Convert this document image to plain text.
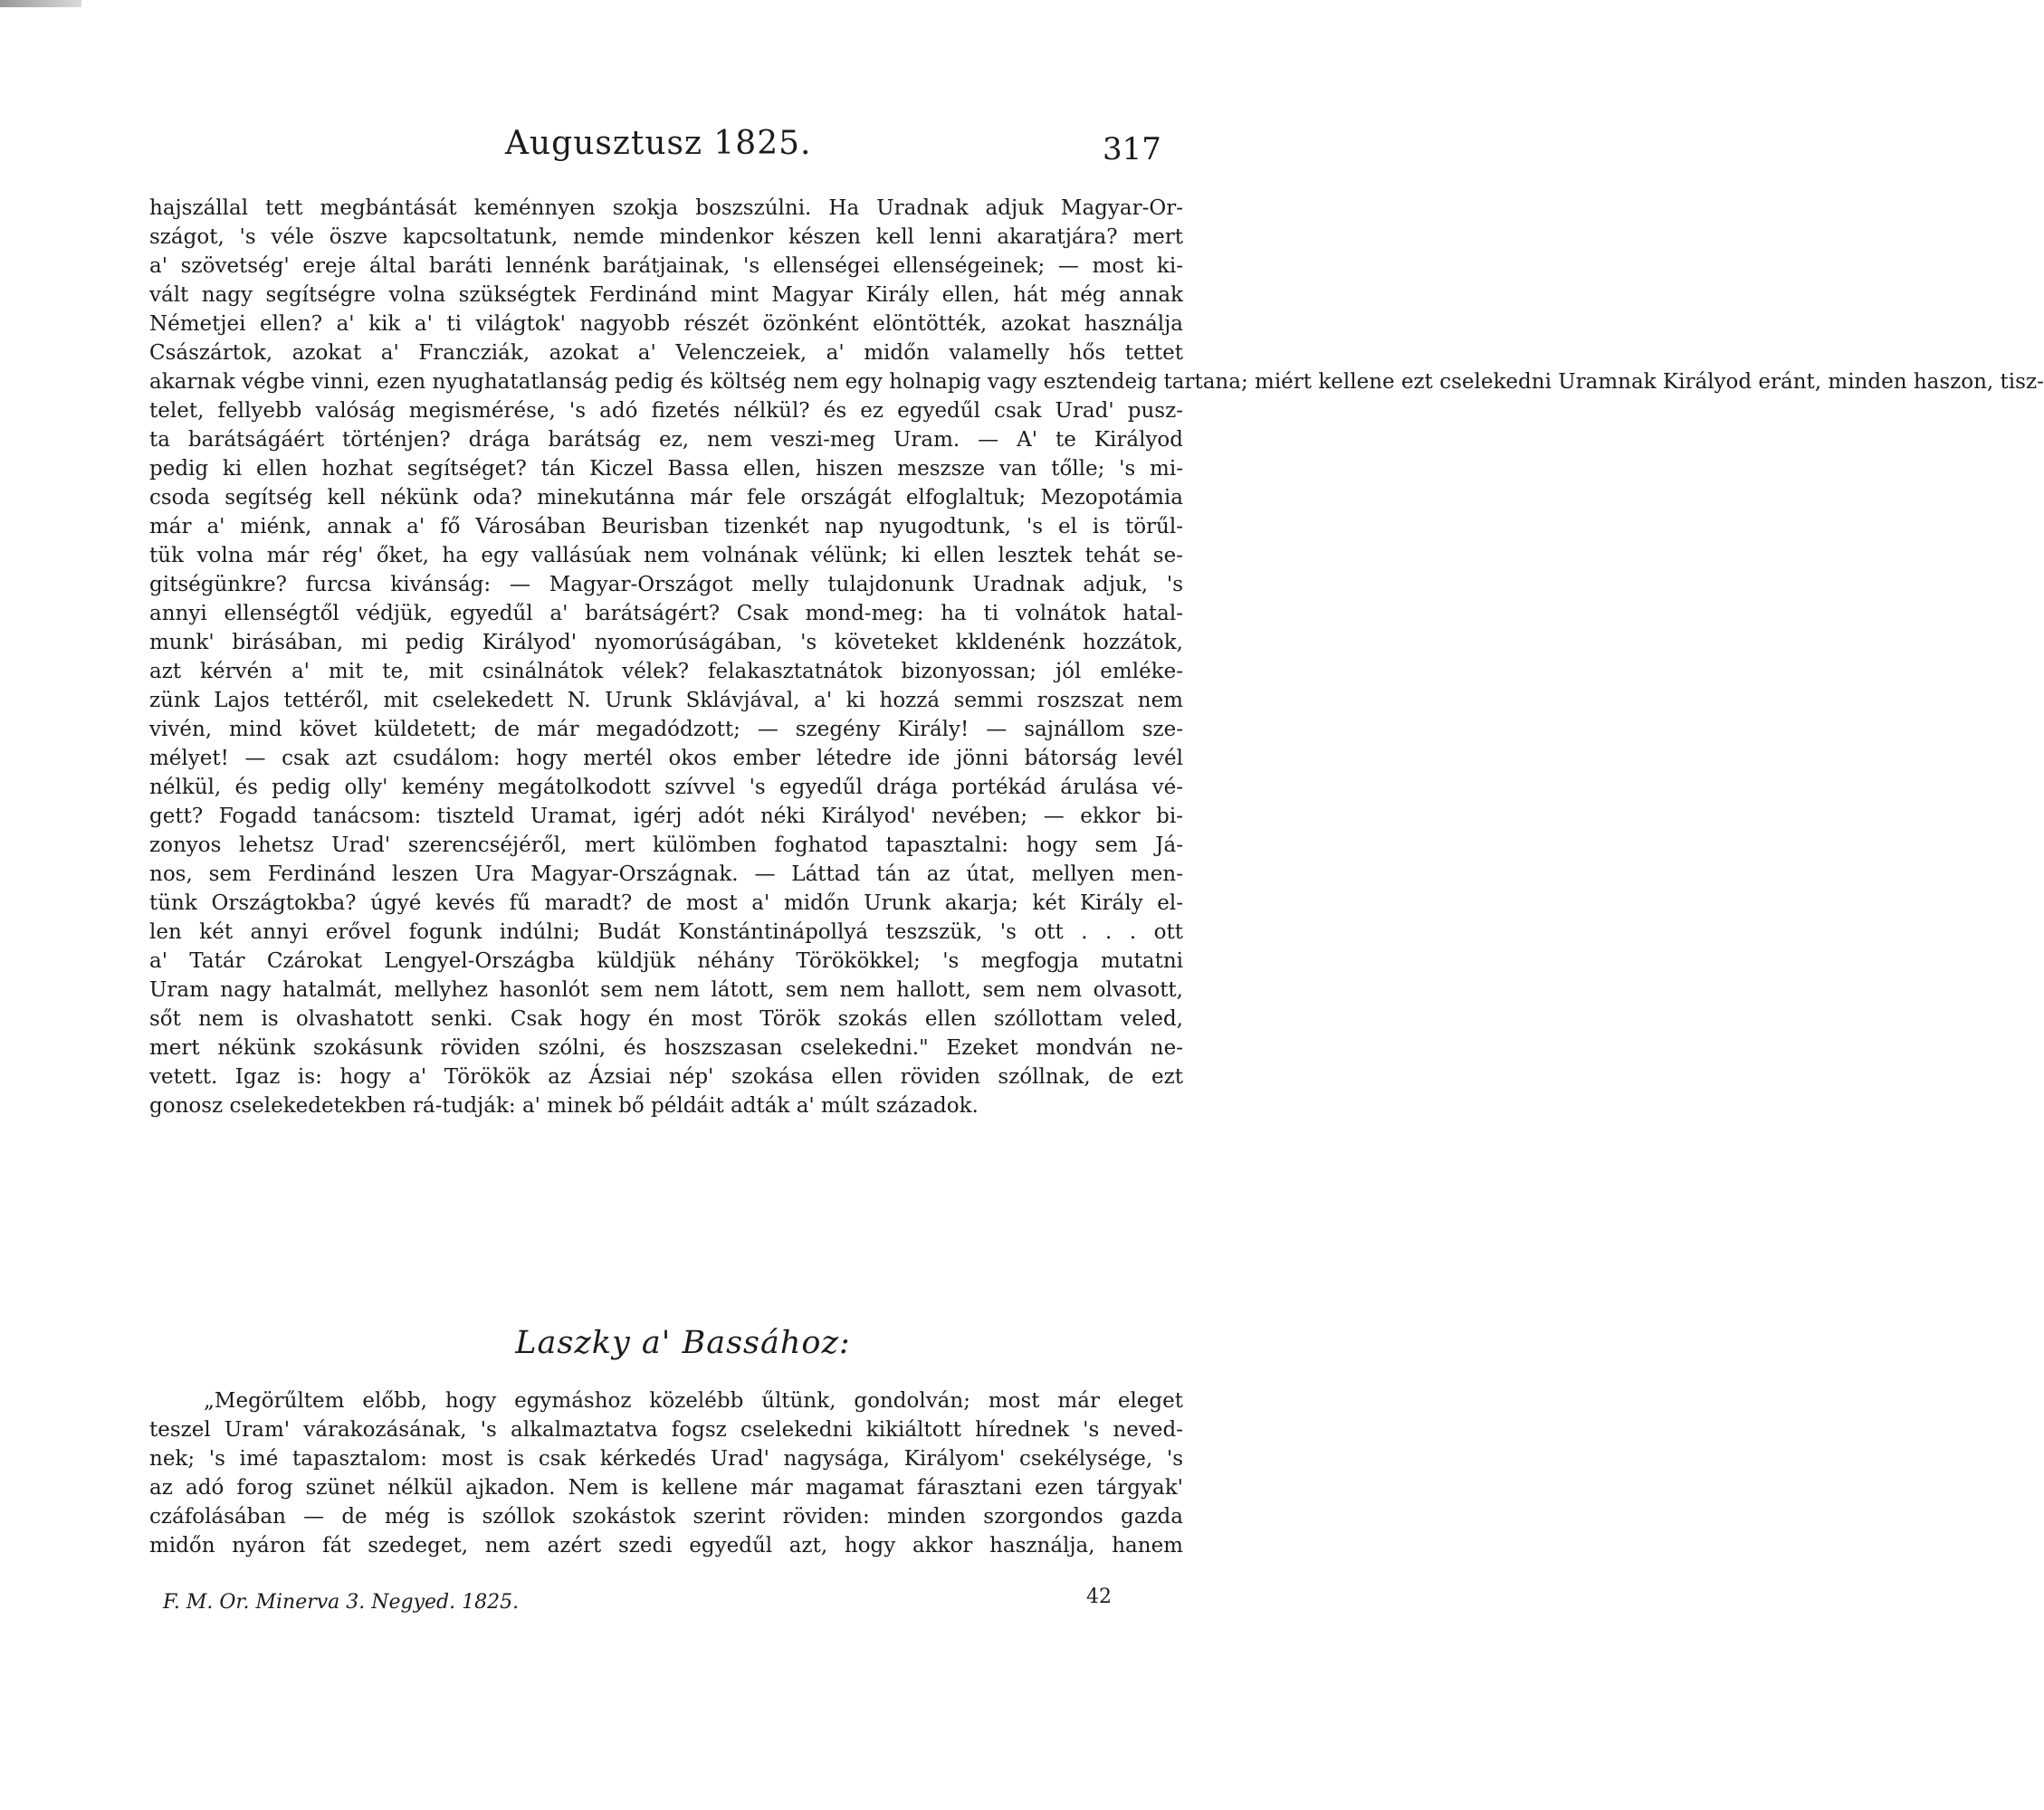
Augusztusz 1825.	317
hajszállal tett megbántását keménnyen szokja boszszúlni. Ha Uradnak adjuk Magyar-Or-
szágot, 's véle öszve kapcsoltatunk, nemde mindenkor készen kell lenni akaratjára? mert
a' szövetség' ereje által baráti lennénk barátjainak, 's ellenségei ellenségeinek; — most ki-
vált nagy segítségre volna szükségtek Ferdinánd mint Magyar Király ellen, hát még annak
Németjei ellen? a' kik a' ti világtok' nagyobb részét özönként elöntötték, azokat használja
Császártok, azokat a' Francziák, azokat a' Velenczeiek, a' midőn valamelly hős tettet
akarnak végbe vinni, ezen nyughatatlanság pedig és költség nem egy holnapig vagy esztendeig tartana; miért kellene ezt cselekedni Uramnak Királyod eránt, minden haszon, tisz-
telet, fellyebb valóság megismérése, 's adó fizetés nélkül? és ez egyedűl csak Urad' pusz-
ta barátságáért történjen? drága barátság ez, nem veszi-meg Uram. — A' te Királyod
pedig ki ellen hozhat segítséget? tán Kiczel Bassa ellen, hiszen meszsze van tőlle; 's mi-
csoda segítség kell nékünk oda? minekutánna már fele országát elfoglaltuk; Mezopotámia
már a' miénk, annak a' fő Városában Beurisban tizenkét nap nyugodtunk, 's el is törűl-
tük volna már rég' őket, ha egy vallásúak nem volnának vélünk; ki ellen lesztek tehát se-
gitségünkre? furcsa kivánság: — Magyar-Országot melly tulajdonunk Uradnak adjuk, 's
annyi ellenségtől védjük, egyedűl a' barátságért? Csak mond-meg: ha ti volnátok hatal-
munk' birásában, mi pedig Királyod' nyomorúságában, 's követeket kkldenénk hozzátok,
azt kérvén a' mit te, mit csinálnátok vélek? felakasztatnátok bizonyossan; jól emléke-
zünk Lajos tettéről, mit cselekedett N. Urunk Sklávjával, a' ki hozzá semmi roszszat nem
vivén, mind követ küldetett; de már megadódzott; — szegény Király! — sajnállom sze-
mélyet! — csak azt csudálom: hogy mertél okos ember létedre ide jönni bátorság levél
nélkül, és pedig olly' kemény megátolkodott szívvel 's egyedűl drága portékád árulása vé-
gett? Fogadd tanácsom: tiszteld Uramat, igérj adót néki Királyod' nevében; — ekkor bi-
zonyos lehetsz Urad' szerencséjéről, mert külömben foghatod tapasztalni: hogy sem Já-
nos, sem Ferdinánd leszen Ura Magyar-Országnak. — Láttad tán az útat, mellyen men-
tünk Országtokba? úgyé kevés fű maradt? de most a' midőn Urunk akarja; két Király el-
len két annyi erővel fogunk indúlni; Budát Konstántinápollyá teszszük, 's ott . . . ott
a' Tatár Czárokat Lengyel-Országba küldjük néhány Törökökkel; 's megfogja mutatni
Uram nagy hatalmát, mellyhez hasonlót sem nem látott, sem nem hallott, sem nem olvasott,
sőt nem is olvashatott senki. Csak hogy én most Török szokás ellen szóllottam veled,
mert nékünk szokásunk röviden szólni, és hoszszasan cselekedni." Ezeket mondván ne-
vetett. Igaz is: hogy a' Törökök az Ázsiai nép' szokása ellen röviden szóllnak, de ezt
gonosz cselekedetekben rá-tudják: a' minek bő példáit adták a' múlt századok.
Laszky a' Bassához:
„Megörűltem előbb, hogy egymáshoz közelébb űltünk, gondolván; most már eleget
teszel Uram' várakozásának, 's alkalmaztatva fogsz cselekedni kikiáltott hírednek 's neved-
nek; 's imé tapasztalom: most is csak kérkedés Urad' nagysága, Királyom' csekélysége, 's
az adó forog szünet nélkül ajkadon. Nem is kellene már magamat fárasztani ezen tárgyak'
czáfolásában — de még is szóllok szokástok szerint röviden: minden szorgondos gazda
midőn nyáron fát szedeget, nem azért szedi egyedűl azt, hogy akkor használja, hanem
F. M. Or. Minerva 3. Negyed. 1825.	42
